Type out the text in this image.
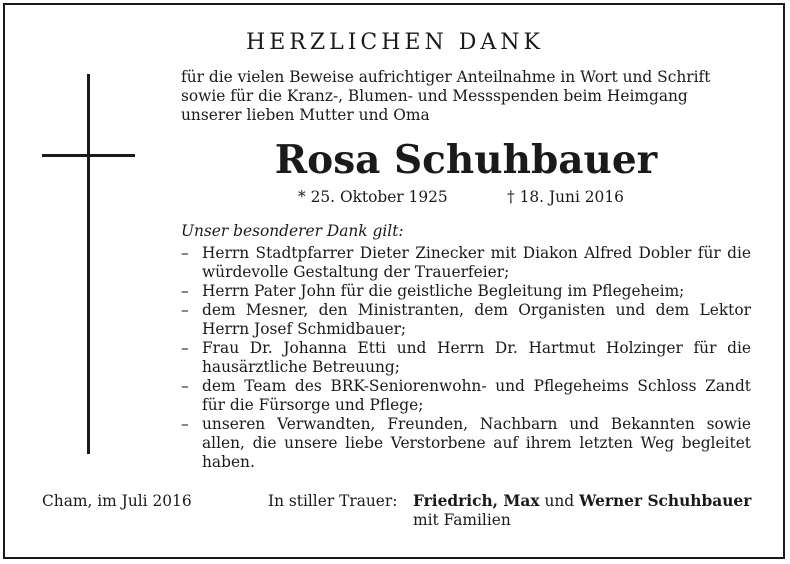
HERZLICHEN DANK
für die vielen Beweise aufrichtiger Anteilnahme in Wort und Schrift
sowie für die Kranz-, Blumen- und Messspenden beim Heimgang
unserer lieben Mutter und Oma
Rosa Schuhbauer
* 25. Oktober 1925	† 18. Juni 2016
Unser besonderer Dank gilt:
– Herrn Stadtpfarrer Dieter Zinecker mit Diakon Alfred Dobler für die würdevolle Gestaltung der Trauerfeier;
– Herrn Pater John für die geistliche Begleitung im Pflegeheim;
– dem Mesner, den Ministranten, dem Organisten und dem Lektor Herrn Josef Schmidbauer;
– Frau Dr. Johanna Etti und Herrn Dr. Hartmut Holzinger für die hausärztliche Betreuung;
– dem Team des BRK-Seniorenwohn- und Pflegeheims Schloss Zandt für die Fürsorge und Pflege;
– unseren Verwandten, Freunden, Nachbarn und Bekannten sowie allen, die unsere liebe Verstorbene auf ihrem letzten Weg begleitet haben.
Cham, im Juli 2016	In stiller Trauer: Friedrich, Max und Werner Schuhbauer
mit Familien
